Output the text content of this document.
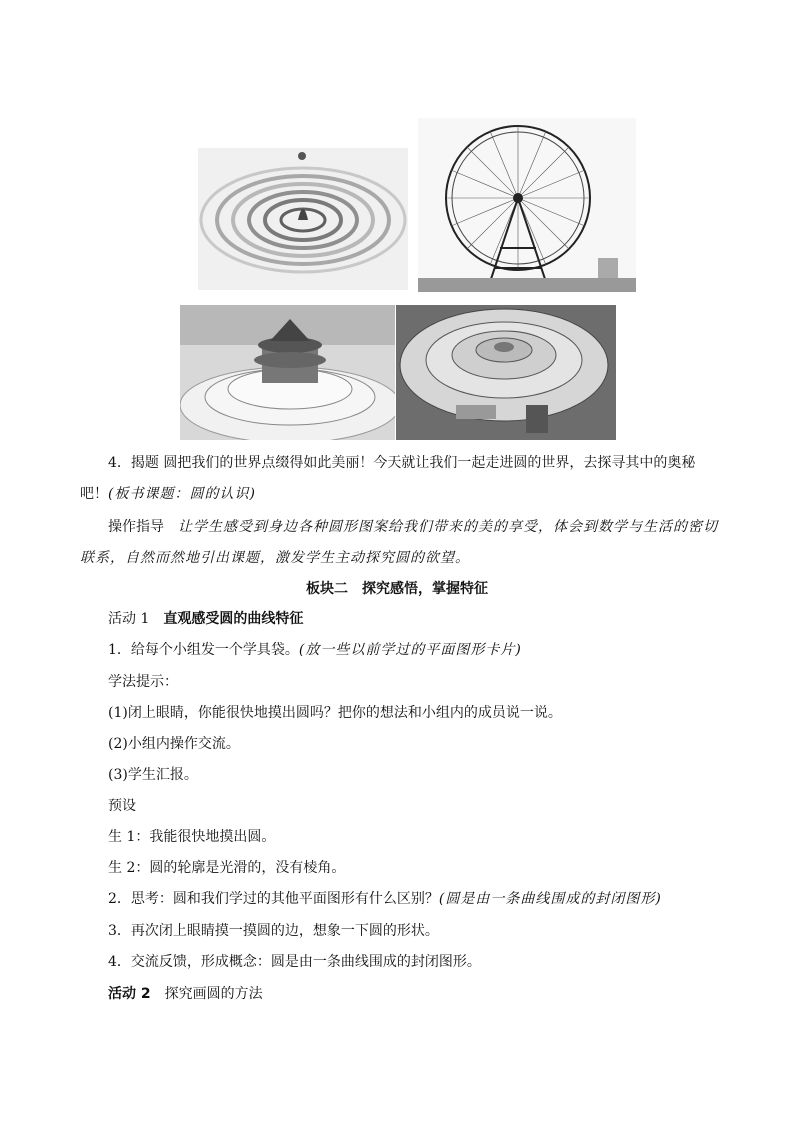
4．揭题 圆把我们的世界点缀得如此美丽！今天就让我们一起走进圆的世界，去探寻其中的奥秘吧！(板书课题：圆的认识)
操作指导　 让学生感受到身边各种圆形图案给我们带来的美的享受，体会到数学与生活的密切联系，自然而然地引出课题，激发学生主动探究圆的欲望。
板块二　探究感悟，掌握特征
活动 1　 直观感受圆的曲线特征
1．给每个小组发一个学具袋。(放一些以前学过的平面图形卡片)
学法提示：
(1)闭上眼睛，你能很快地摸出圆吗？把你的想法和小组内的成员说一说。
(2)小组内操作交流。
(3)学生汇报。
预设
生 1：我能很快地摸出圆。
生 2：圆的轮廓是光滑的，没有棱角。
2．思考：圆和我们学过的其他平面图形有什么区别？(圆是由一条曲线围成的封闭图形)
3．再次闭上眼睛摸一摸圆的边，想象一下圆的形状。
4．交流反馈，形成概念：圆是由一条曲线围成的封闭图形。
活动 2　 探究画圆的方法
